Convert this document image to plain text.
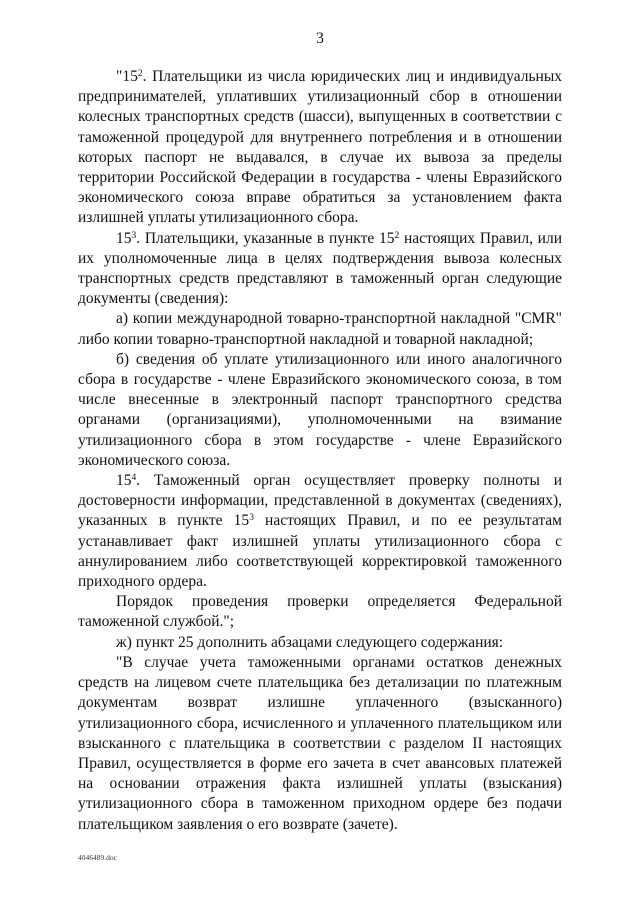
3

"$15^2$. Плательщики из числа юридических лиц и индивидуальных предпринимателей, уплативших утилизационный сбор в отношении колесных транспортных средств (шасси), выпущенных в соответствии с таможенной процедурой для внутреннего потребления и в отношении которых паспорт не выдавался, в случае их вывоза за пределы территории Российской Федерации в государства - члены Евразийского экономического союза вправе обратиться за установлением факта излишней уплаты утилизационного сбора.

$15^3$. Плательщики, указанные в пункте $15^2$ настоящих Правил, или их уполномоченные лица в целях подтверждения вывоза колесных транспортных средств представляют в таможенный орган следующие документы (сведения):

а) копии международной товарно-транспортной накладной "CMR" либо копии товарно-транспортной накладной и товарной накладной;

б) сведения об уплате утилизационного или иного аналогичного сбора в государстве - члене Евразийского экономического союза, в том числе внесенные в электронный паспорт транспортного средства органами (организациями), уполномоченными на взимание утилизационного сбора в этом государстве - члене Евразийского экономического союза.

$15^4$. Таможенный орган осуществляет проверку полноты и достоверности информации, представленной в документах (сведениях), указанных в пункте $15^3$ настоящих Правил, и по ее результатам устанавливает факт излишней уплаты утилизационного сбора с аннулированием либо соответствующей корректировкой таможенного приходного ордера.

Порядок проведения проверки определяется Федеральной таможенной службой.";

ж) пункт 25 дополнить абзацами следующего содержания:

"В случае учета таможенными органами остатков денежных средств на лицевом счете плательщика без детализации по платежным документам возврат излишне уплаченного (взысканного) утилизационного сбора, исчисленного и уплаченного плательщиком или взысканного с плательщика в соответствии с разделом II настоящих Правил, осуществляется в форме его зачета в счет авансовых платежей на основании отражения факта излишней уплаты (взыскания) утилизационного сбора в таможенном приходном ордере без подачи плательщиком заявления о его возврате (зачете).

4046489.doc
